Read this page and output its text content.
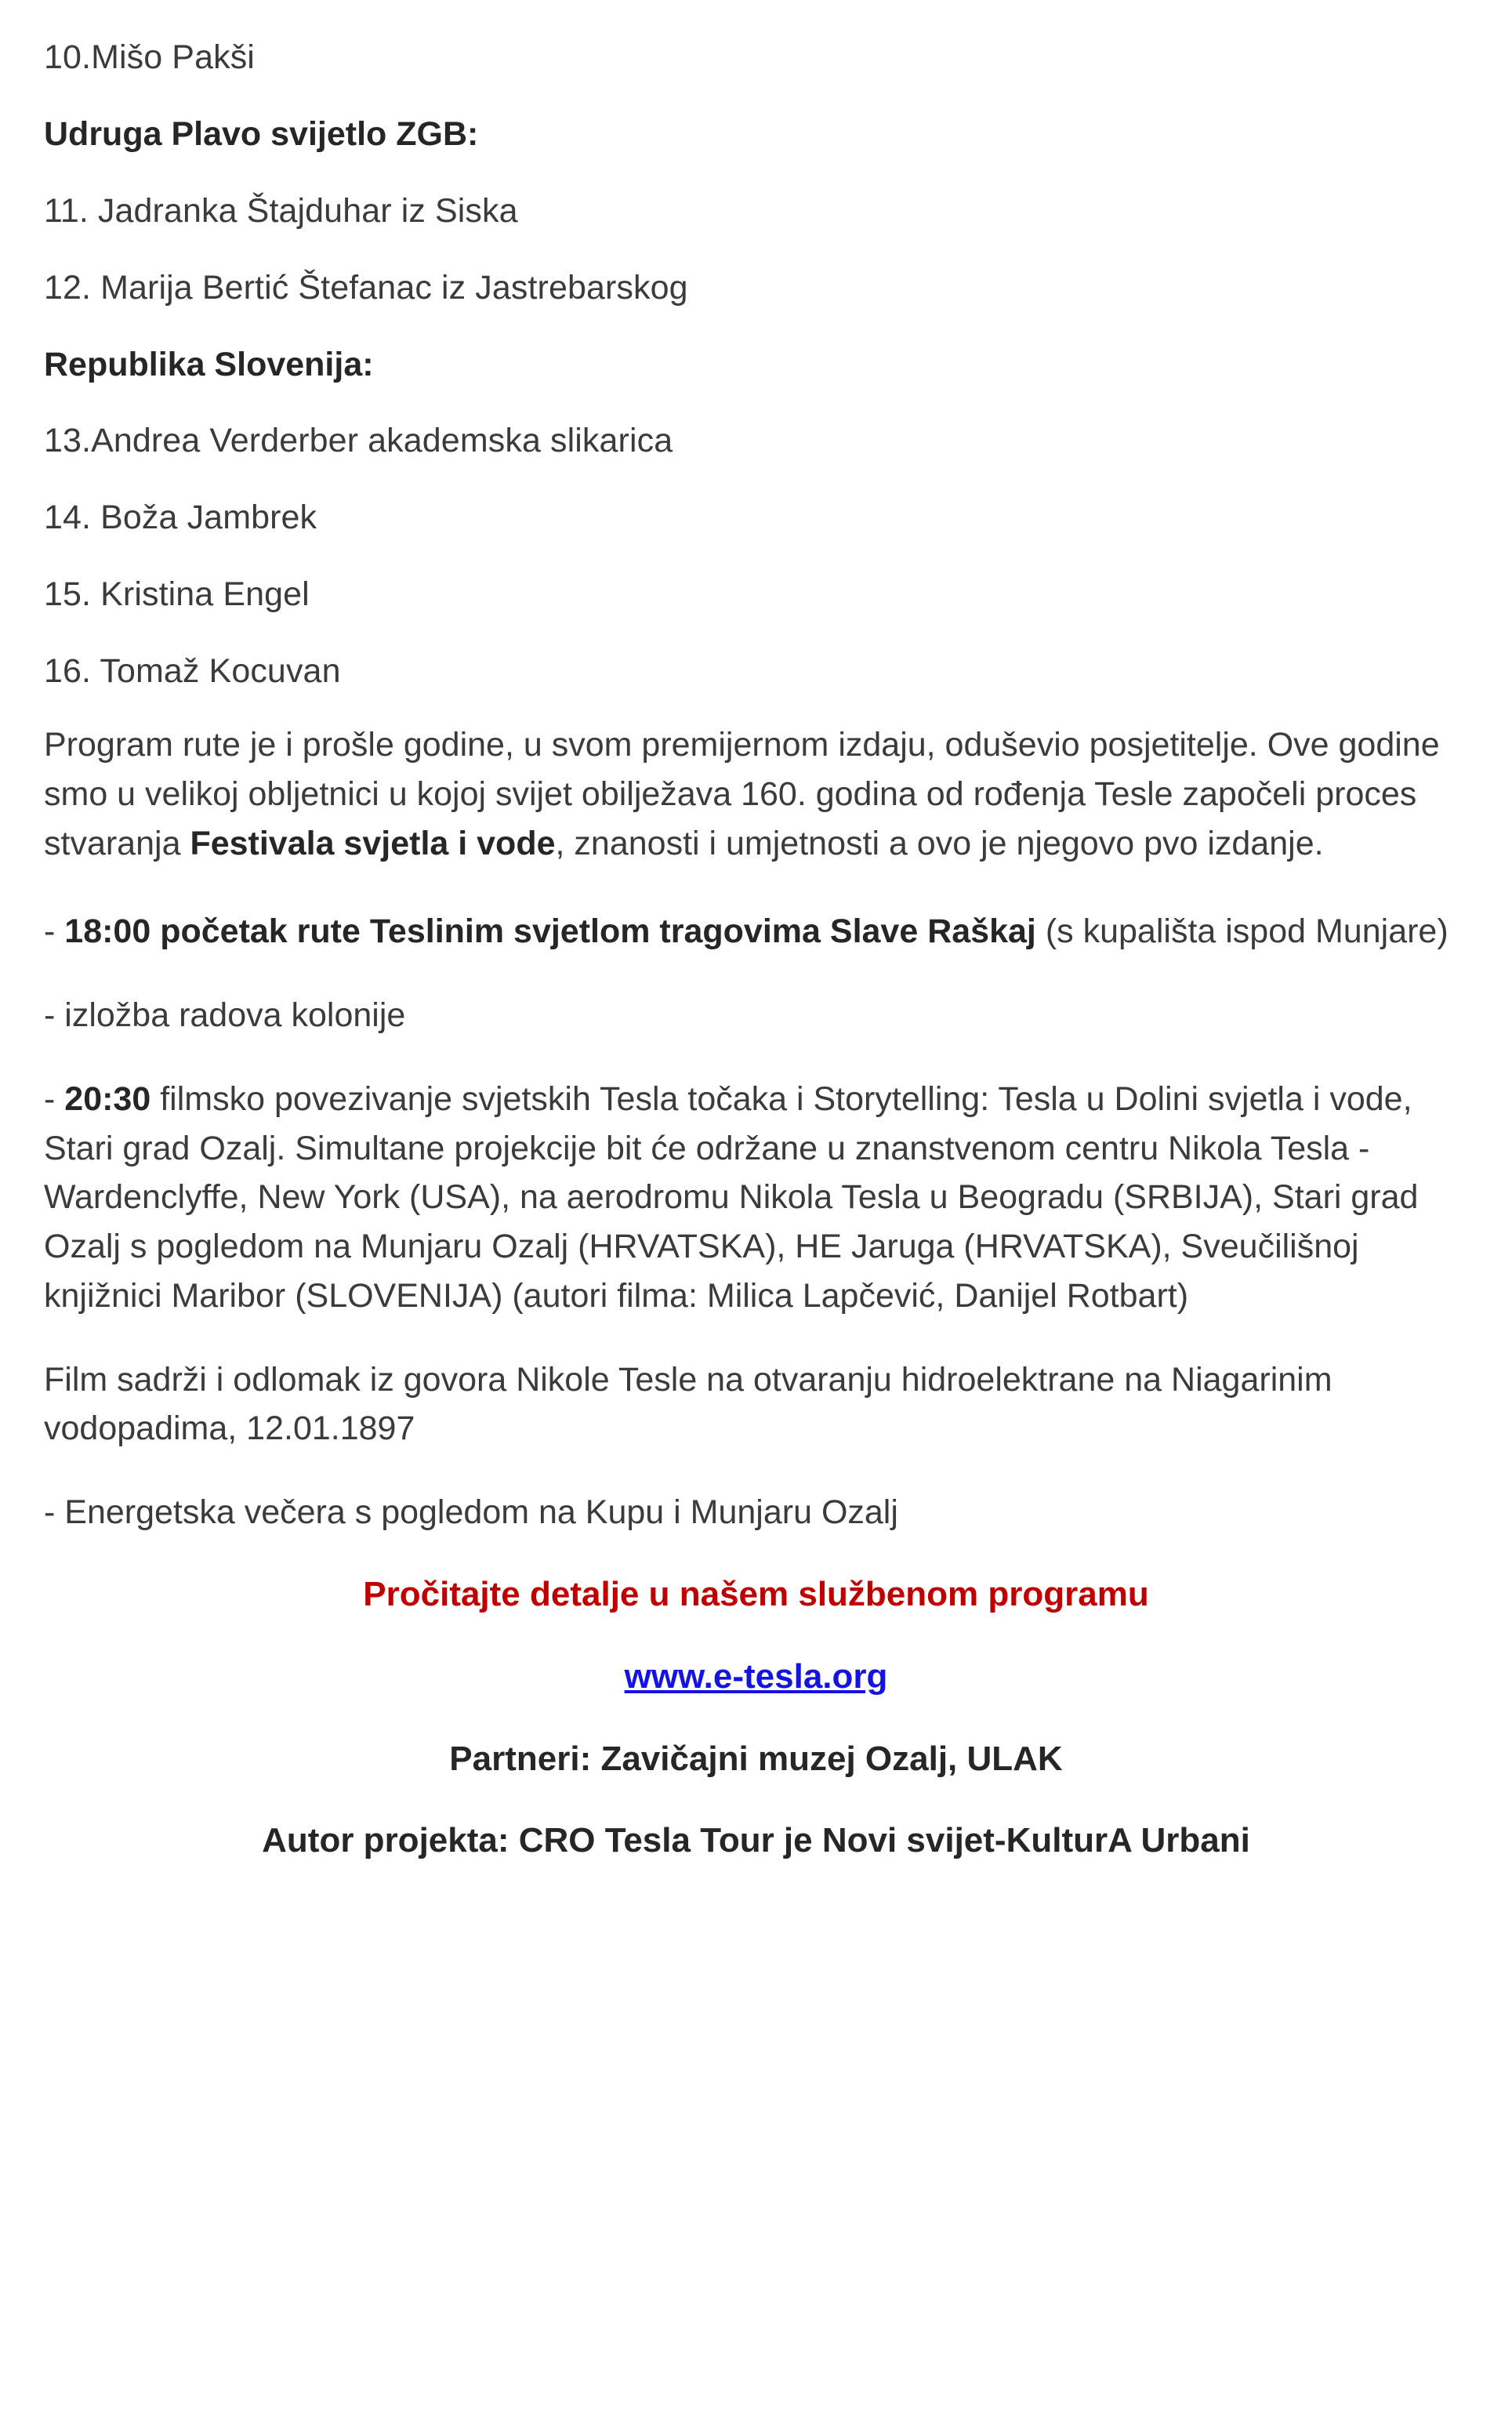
10.Mišo Pakši

Udruga Plavo svijetlo ZGB:

11. Jadranka Štajduhar iz Siska

12. Marija Bertić Štefanac iz Jastrebarskog

Republika Slovenija:

13.Andrea Verderber akademska slikarica

14. Boža Jambrek

15. Kristina Engel

16. Tomaž Kocuvan

Program rute je i prošle godine, u svom premijernom izdaju, oduševio posjetitelje. Ove godine smo u velikoj obljetnici u kojoj svijet obilježava 160. godina od rođenja Tesle započeli proces stvaranja Festivala svjetla i vode, znanosti i umjetnosti a ovo je njegovo pvo izdanje.

- 18:00 početak rute Teslinim svjetlom tragovima Slave Raškaj (s kupališta ispod Munjare)

- izložba radova kolonije

- 20:30 filmsko povezivanje svjetskih Tesla točaka i Storytelling: Tesla u Dolini svjetla i vode, Stari grad Ozalj. Simultane projekcije bit će održane u znanstvenom centru Nikola Tesla - Wardenclyffe, New York (USA), na aerodromu Nikola Tesla u Beogradu (SRBIJA), Stari grad Ozalj s pogledom na Munjaru Ozalj (HRVATSKA), HE Jaruga (HRVATSKA), Sveučilišnoj knjižnici Maribor (SLOVENIJA) (autori filma: Milica Lapčević, Danijel Rotbart)

Film sadrži i odlomak iz govora Nikole Tesle na otvaranju hidroelektrane na Niagarinim vodopadima, 12.01.1897

- Energetska večera s pogledom na Kupu i Munjaru Ozalj

Pročitajte detalje u našem službenom programu

www.e-tesla.org

Partneri: Zavičajni muzej Ozalj, ULAK

Autor projekta: CRO Tesla Tour je Novi svijet-KulturA Urbani
